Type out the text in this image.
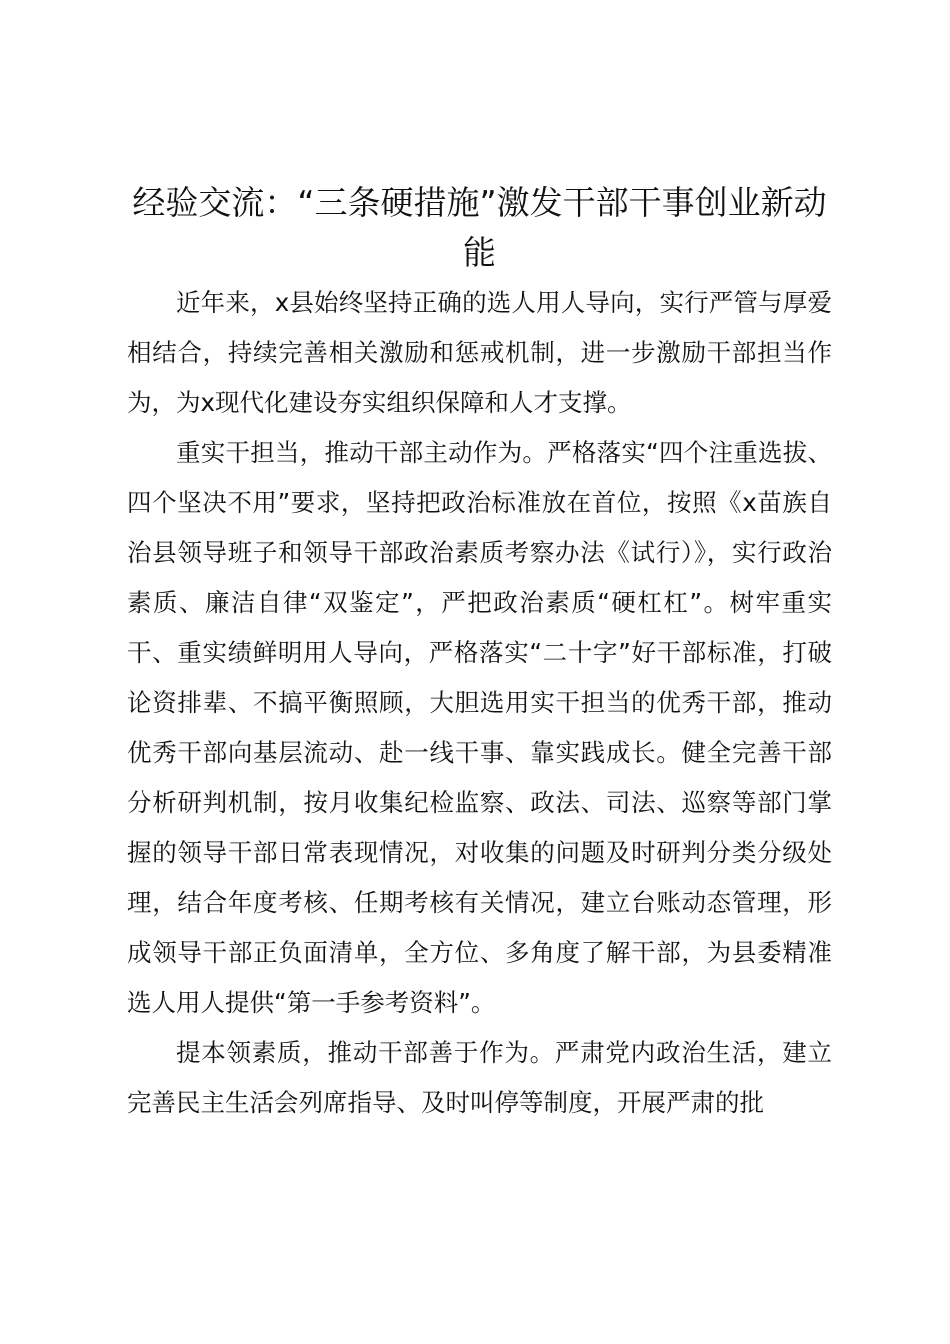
经验交流：“三条硬措施”激发干部干事创业新动能

近年来，x县始终坚持正确的选人用人导向，实行严管与厚爱相结合，持续完善相关激励和惩戒机制，进一步激励干部担当作为，为x现代化建设夯实组织保障和人才支撑。

重实干担当，推动干部主动作为。严格落实“四个注重选拔、四个坚决不用”要求，坚持把政治标准放在首位，按照《x苗族自治县领导班子和领导干部政治素质考察办法《试行）》，实行政治素质、廉洁自律“双鉴定”，严把政治素质“硬杠杠”。树牢重实干、重实绩鲜明用人导向，严格落实“二十字”好干部标准，打破论资排辈、不搞平衡照顾，大胆选用实干担当的优秀干部，推动优秀干部向基层流动、赴一线干事、靠实践成长。健全完善干部分析研判机制，按月收集纪检监察、政法、司法、巡察等部门掌握的领导干部日常表现情况，对收集的问题及时研判分类分级处理，结合年度考核、任期考核有关情况，建立台账动态管理，形成领导干部正负面清单，全方位、多角度了解干部，为县委精准选人用人提供“第一手参考资料”。

提本领素质，推动干部善于作为。严肃党内政治生活，建立完善民主生活会列席指导、及时叫停等制度，开展严肃的批
